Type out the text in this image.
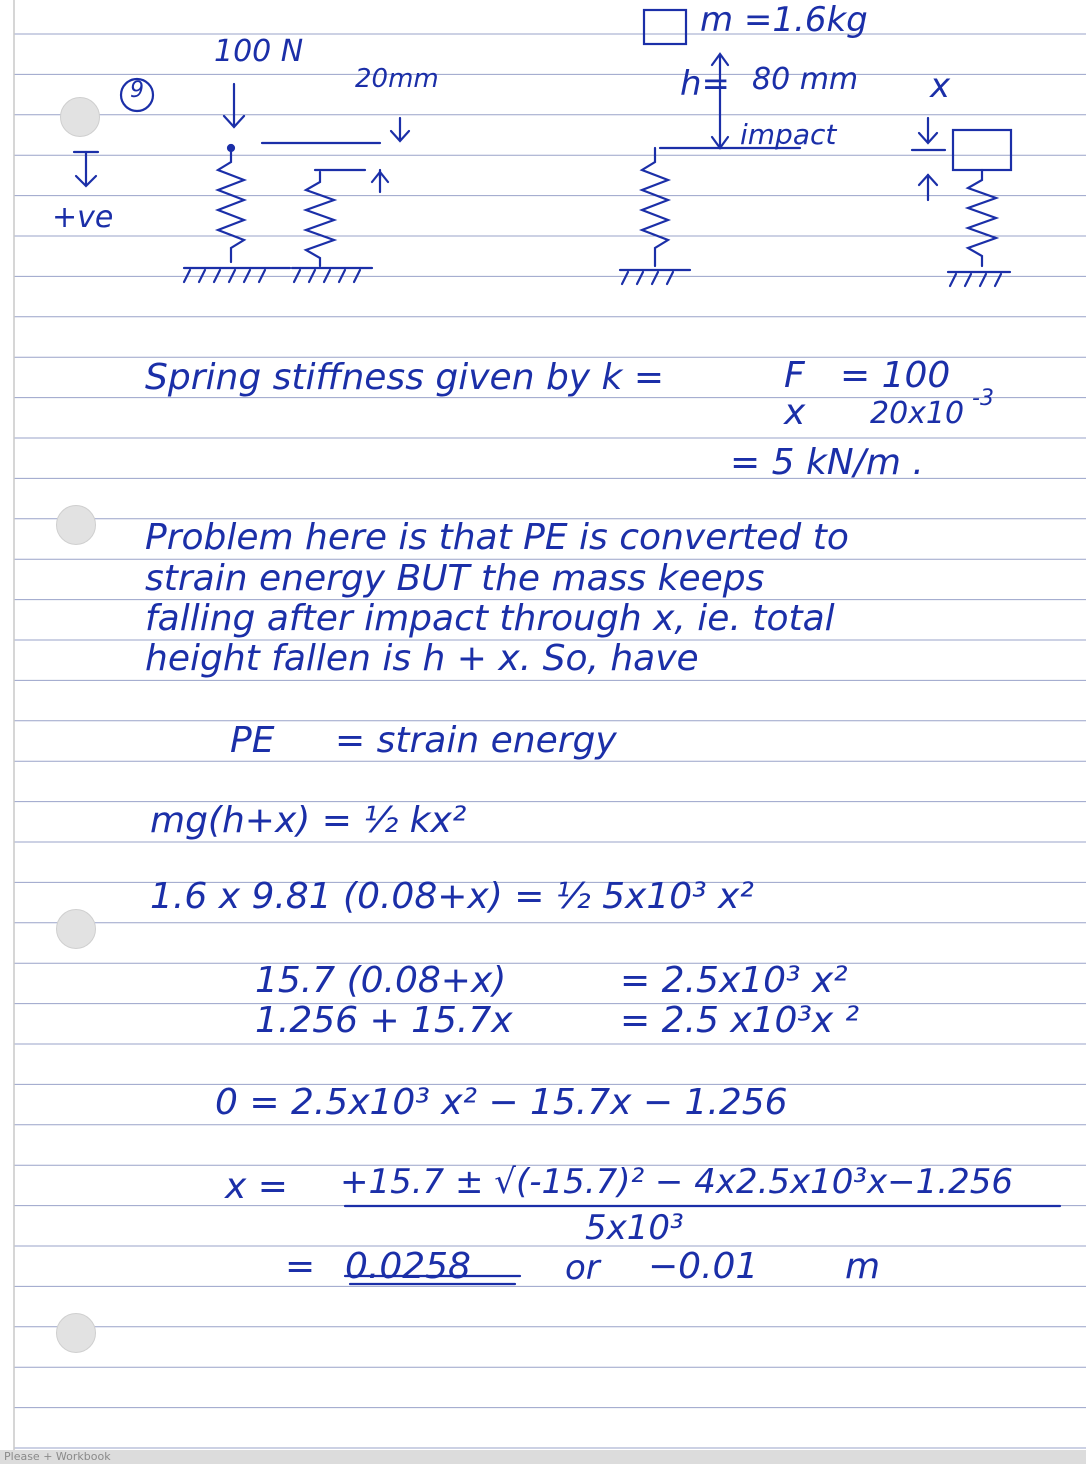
9
+ve
100 N
20mm
m =1.6kg
h= 80 mm
impact
x
Spring stiffness given by k =	F
x
= 100
20x10 -3
= 5 kN/m .
Problem here is that PE is converted to
strain energy BUT the mass keeps
falling after impact through x, ie. total
height fallen is h + x. So, have
PE = strain energy
mg(h+x) = ½ kx²
1.6 x 9.81 (0.08+x) = ½ 5x10³ x²
15.7 (0.08+x)	= 2.5x10³ x²
1.256 + 15.7x	= 2.5 x10³x ²
0 = 2.5x10³ x² − 15.7x − 1.256
x = +15.7 ± √(-15.7)² − 4x2.5x10³x−1.256
5x10³
= 0.0258	or −0.01 m
Please + Workbook
